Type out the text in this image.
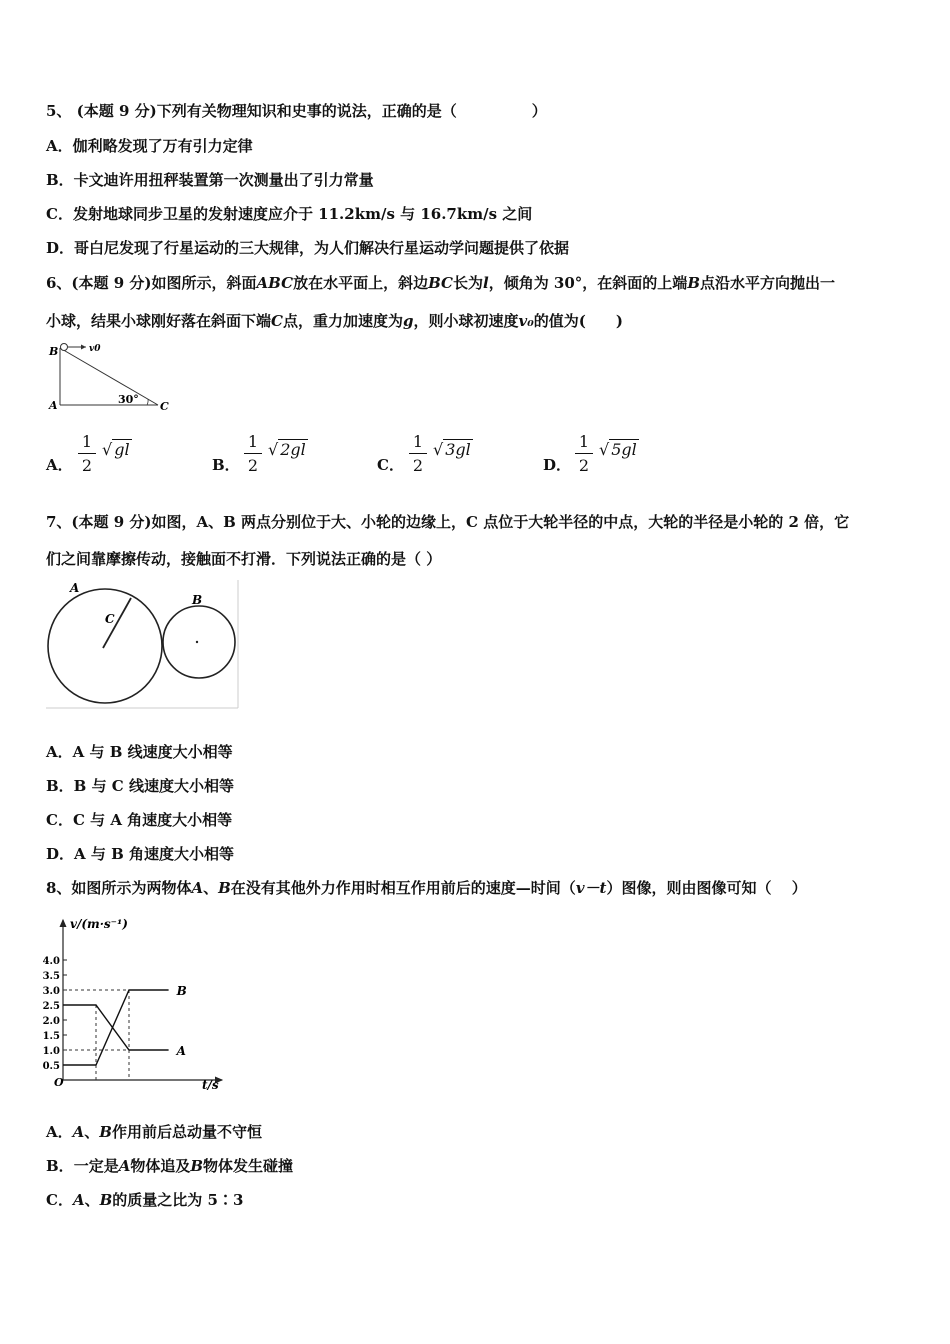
5、 (本题 9 分)下列有关物理知识和史事的说法，正确的是（　　　　　）
A．伽利略发现了万有引力定律
B．卡文迪许用扭秤装置第一次测量出了引力常量
C．发射地球同步卫星的发射速度应介于 11.2km/s 与 16.7km/s 之间
D．哥白尼发现了行星运动的三大规律，为人们解决行星运动学问题提供了依据
6、(本题 9 分)如图所示，斜面ABC放在水平面上，斜边BC长为l，倾角为 30°，在斜面的上端B点沿水平方向抛出一
小球，结果小球刚好落在斜面下端C点，重力加速度为g，则小球初速度v₀的值为(　　)
B	v0
A	C
30°
A．
1
2
√ gl
B．
1
2
√ 2gl
C．
1
2
√ 3gl
D．
1
2
√ 5gl
7、(本题 9 分)如图，A、B 两点分别位于大、小轮的边缘上，C 点位于大轮半径的中点，大轮的半径是小轮的 2 倍，它
们之间靠摩擦传动，接触面不打滑．下列说法正确的是（ ）
A
B
C
A．A 与 B 线速度大小相等
B．B 与 C 线速度大小相等
C．C 与 A 角速度大小相等
D．A 与 B 角速度大小相等
8、如图所示为两物体A、B在没有其他外力作用时相互作用前后的速度—时间（v－t）图像，则由图像可知（　 ）
v/(m·s⁻¹)
t/s
O
4.0
3.5
3.0
2.5
2.0
1.5
1.0
0.5
A
B
A．A、B作用前后总动量不守恒
B．一定是A物体追及B物体发生碰撞
C．A、B的质量之比为 5∶3
